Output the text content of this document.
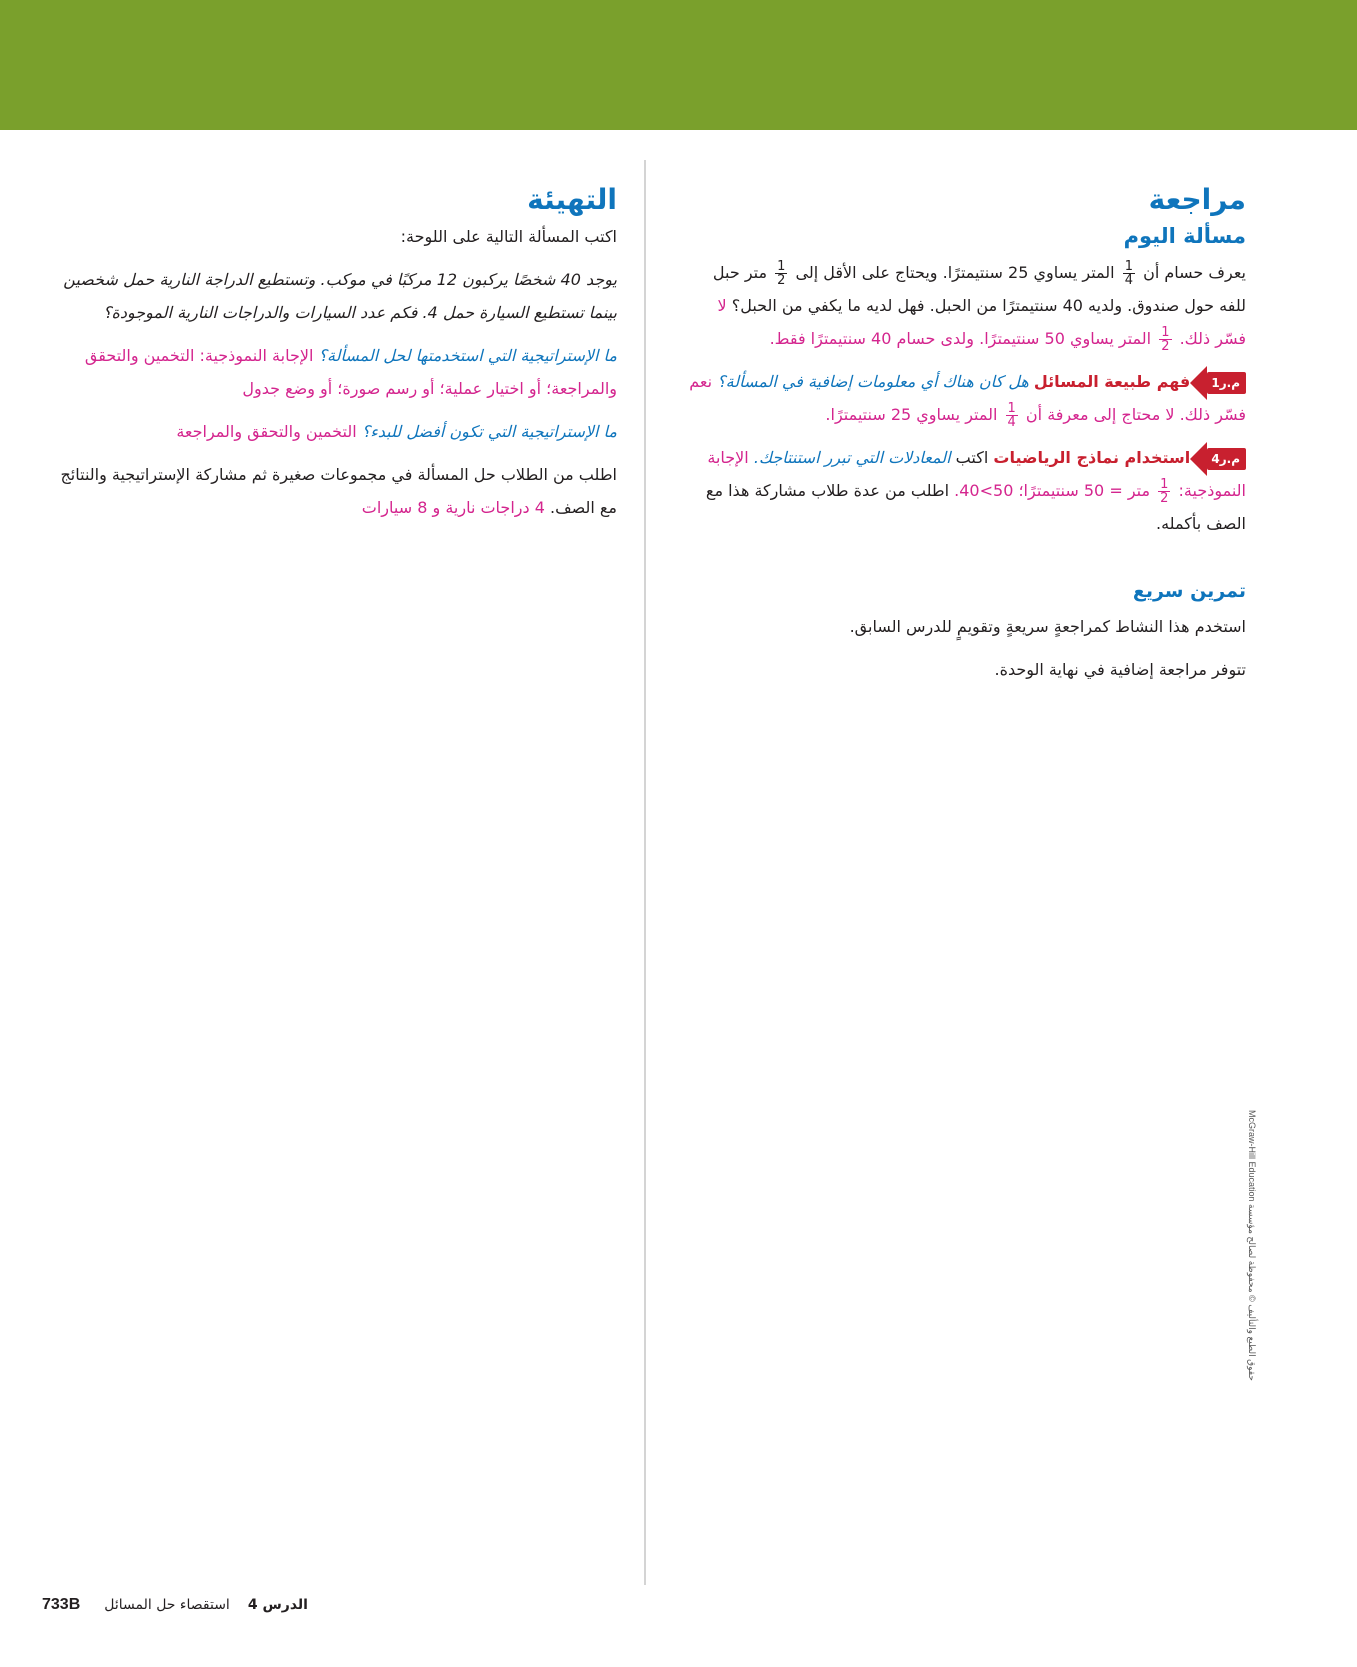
مراجعة
مسألة اليوم

يعرف حسام أن
$\frac{1}{4}$
المتر يساوي 25 سنتيمترًا. ويحتاج على الأقل إلى
$\frac{1}{2}$
متر حبل للفه حول صندوق. ولديه 40 سنتيمترًا من الحبل. فهل لديه ما يكفي من الحبل؟ لا فسّر ذلك.
$\frac{1}{2}$
المتر يساوي 50 سنتيمترًا. ولدى حسام 40 سنتيمترًا فقط.

م.ر1 فهم طبيعة المسائل هل كان هناك أي معلومات إضافية في المسألة؟ نعم فسّر ذلك. لا محتاج إلى معرفة أن
$\frac{1}{4}$
المتر يساوي 25 سنتيمترًا.

م.ر4 استخدام نماذج الرياضيات اكتب المعادلات التي تبرر استنتاجك. الإجابة النموذجية:
$\frac{1}{2}$
متر = 50 سنتيمترًا؛ 50>40. اطلب من عدة طلاب مشاركة هذا مع الصف بأكمله.

تمرين سريع

استخدم هذا النشاط كمراجعةٍ سريعةٍ وتقويمٍ للدرس السابق.

تتوفر مراجعة إضافية في نهاية الوحدة.

التهيئة

اكتب المسألة التالية على اللوحة:

يوجد 40 شخصًا يركبون 12 مركبًا في موكب. وتستطيع الدراجة النارية حمل شخصين بينما تستطيع السيارة حمل 4. فكم عدد السيارات والدراجات النارية الموجودة؟

ما الإستراتيجية التي استخدمتها لحل المسألة؟ الإجابة النموذجية: التخمين والتحقق والمراجعة؛ أو اختيار عملية؛ أو رسم صورة؛ أو وضع جدول

ما الإستراتيجية التي تكون أفضل للبدء؟ التخمين والتحقق والمراجعة

اطلب من الطلاب حل المسألة في مجموعات صغيرة ثم مشاركة الإستراتيجية والنتائج مع الصف. 4 دراجات نارية و 8 سيارات

حقوق الطبع والتأليف © محفوظة لصالح مؤسسة McGraw-Hill Education
733B استقصاء حل المسائل الدرس 4
